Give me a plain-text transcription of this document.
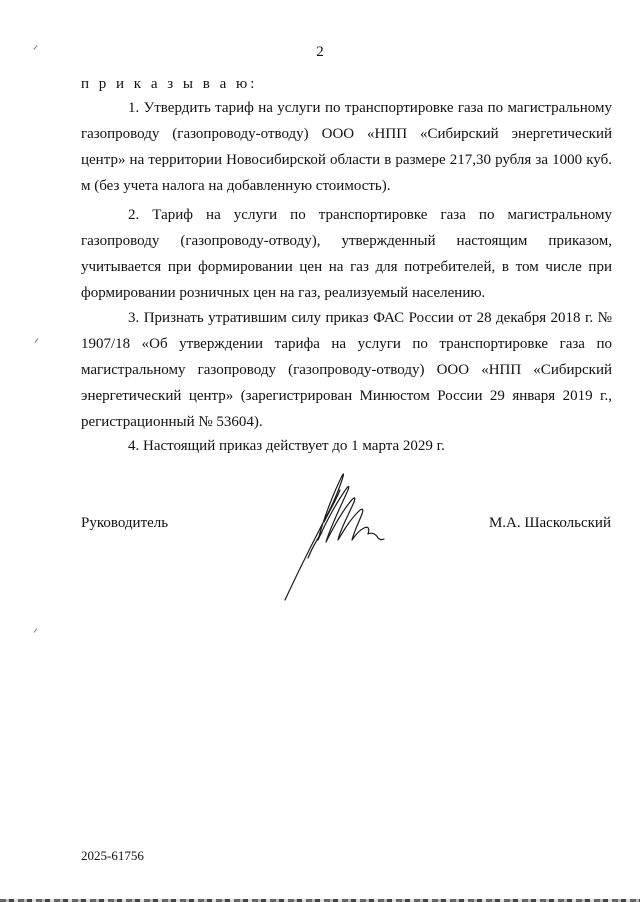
2
п р и к а з ы в а ю:
1. Утвердить тариф на услуги по транспортировке газа по магистральному газопроводу (газопроводу-отводу) ООО «НПП «Сибирский энергетический центр» на территории Новосибирской области в размере 217,30 рубля за 1000 куб. м (без учета налога на добавленную стоимость).
2. Тариф на услуги по транспортировке газа по магистральному газопроводу (газопроводу-отводу), утвержденный настоящим приказом, учитывается при формировании цен на газ для потребителей, в том числе при формировании розничных цен на газ, реализуемый населению.
3. Признать утратившим силу приказ ФАС России от 28 декабря 2018 г. № 1907/18 «Об утверждении тарифа на услуги по транспортировке газа по магистральному газопроводу (газопроводу-отводу) ООО «НПП «Сибирский энергетический центр» (зарегистрирован Минюстом России 29 января 2019 г., регистрационный № 53604).
4. Настоящий приказ действует до 1 марта 2029 г.
Руководитель	М.А. Шаскольский
2025-61756
